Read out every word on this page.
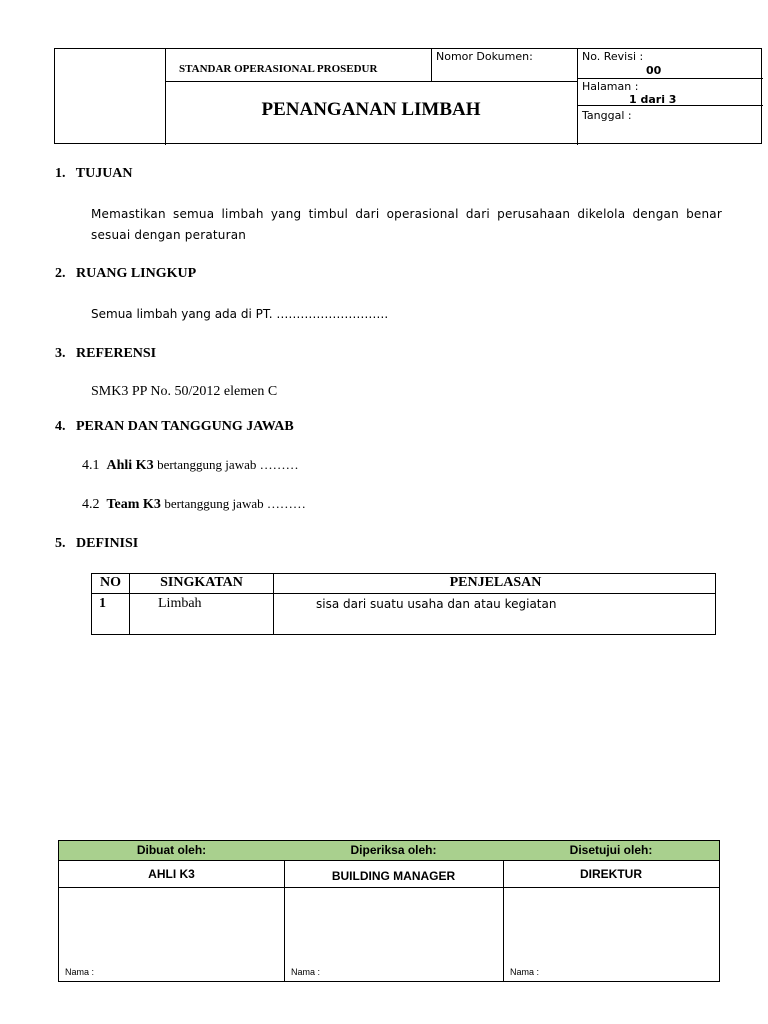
STANDAR OPERASIONAL PROSEDUR
PENANGANAN LIMBAH
Nomor Dokumen:	No. Revisi :
00
Halaman :
1 dari 3
Tanggal :
1.   TUJUAN
Memastikan semua limbah yang timbul dari operasional dari perusahaan dikelola dengan benar
sesuai dengan peraturan
2.   RUANG LINGKUP
Semua limbah yang ada di PT. ……………………….
3.   REFERENSI
SMK3 PP No. 50/2012 elemen C
4.   PERAN DAN TANGGUNG JAWAB
4.1 Ahli K3 bertanggung jawab ………
4.2 Team K3 bertanggung jawab ………
5.   DEFINISI
NO	SINGKATAN	PENJELASAN
1	Limbah	sisa dari suatu usaha dan atau kegiatan
Dibuat oleh:	Diperiksa oleh:	Disetujui oleh:
AHLI K3	BUILDING MANAGER	DIREKTUR
Nama :	Nama :	Nama :
